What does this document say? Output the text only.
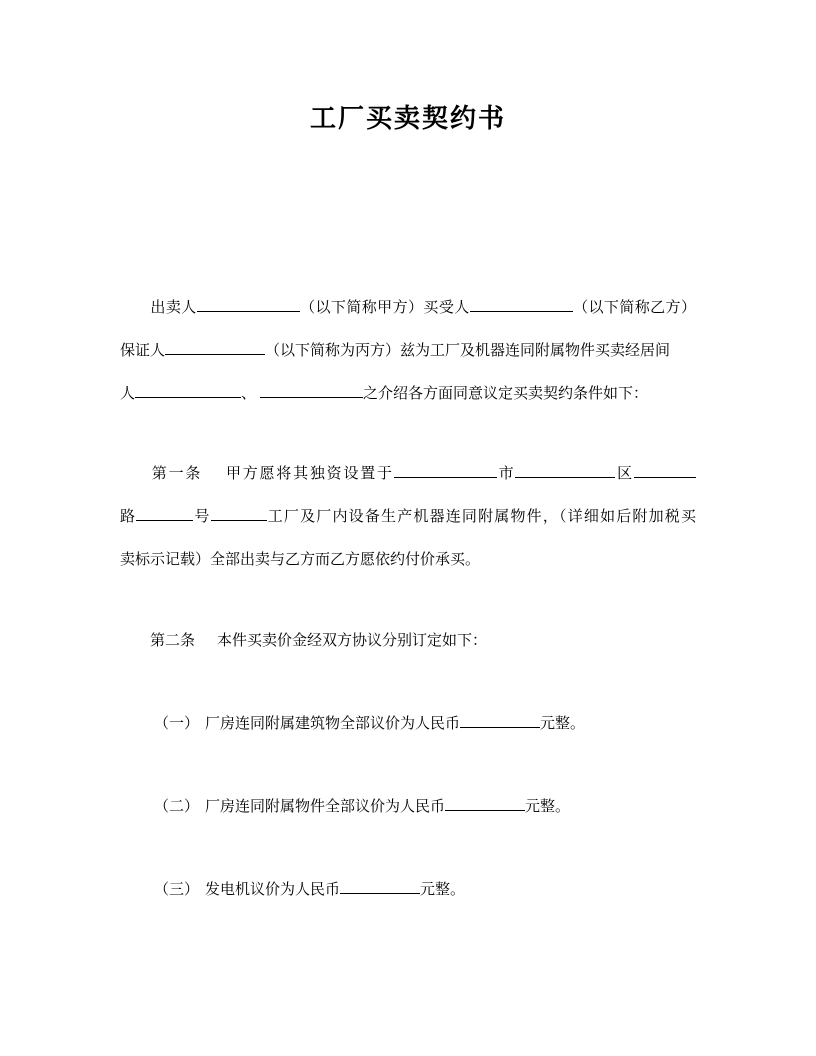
工厂买卖契约书
出卖人	（以下简称甲方）买受人	（以下简称乙方）
保证人	（以下简称为丙方）兹为工厂及机器连同附属物件买卖经居间
人	、	之介绍各方面同意议定买卖契约条件如下：
第一条 甲方愿将其独资设置于	市	区
路	号	工厂及厂内设备生产机器连同附属物件，（详细如后附加税买
卖标示记载）全部出卖与乙方而乙方愿依约付价承买。
第二条 本件买卖价金经双方协议分别订定如下：
（一） 厂房连同附属建筑物全部议价为人民币	元整。
（二） 厂房连同附属物件全部议价为人民币	元整。
（三） 发电机议价为人民币	元整。
